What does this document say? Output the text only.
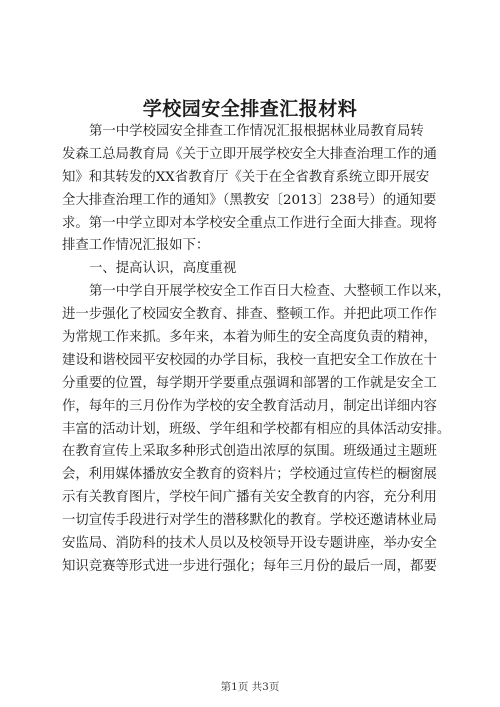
学校园安全排查汇报材料
第一中学校园安全排查工作情况汇报根据林业局教育局转
发森工总局教育局《关于立即开展学校安全大排查治理工作的通
知》和其转发的XX省教育厅《关于在全省教育系统立即开展安
全大排查治理工作的通知》（黑教安〔2013〕238号）的通知要
求。第一中学立即对本学校安全重点工作进行全面大排查。现将
排查工作情况汇报如下：
一、提高认识，高度重视
第一中学自开展学校安全工作百日大检查、大整顿工作以来，
进一步强化了校园安全教育、排查、整顿工作。并把此项工作作
为常规工作来抓。多年来，本着为师生的安全高度负责的精神，
建设和谐校园平安校园的办学目标，我校一直把安全工作放在十
分重要的位置，每学期开学要重点强调和部署的工作就是安全工
作，每年的三月份作为学校的安全教育活动月，制定出详细内容
丰富的活动计划，班级、学年组和学校都有相应的具体活动安排。
在教育宣传上采取多种形式创造出浓厚的氛围。班级通过主题班
会，利用媒体播放安全教育的资料片；学校通过宣传栏的橱窗展
示有关教育图片，学校午间广播有关安全教育的内容，充分利用
一切宣传手段进行对学生的潜移默化的教育。学校还邀请林业局
安监局、消防科的技术人员以及校领导开设专题讲座，举办安全
知识竞赛等形式进一步进行强化；每年三月份的最后一周，都要
第1页 共3页
